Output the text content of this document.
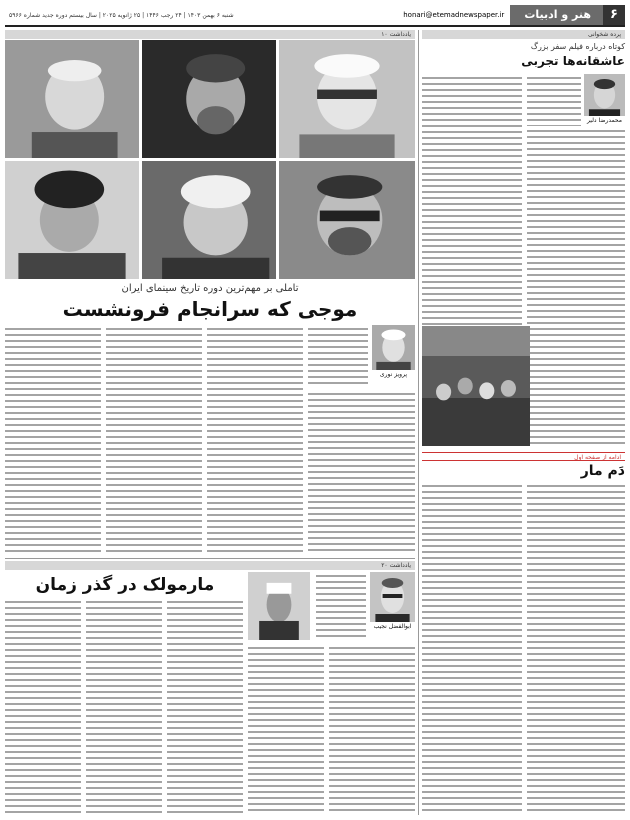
شنبه ۶ بهمن ۱۴۰۳ | ۲۴ رجب ۱۴۴۶ | ۲۵ ژانویه ۲۰۲۵ | سال بیستم دوره جدید شماره ۵۹۶۶	honari@etemadnewspaper.ir	هنر و ادبیات	۶
یادداشت ۱۰	پرده شخوانی
تاملی بر مهم‌ترین دوره تاریخ سینمای ایران
موجی که سرانجام فرونشست
پرویز نوری
کوتاه درباره فیلم سفر بزرگ
عاشقانه‌ها تجربی
محمدرضا دلیر
ادامه از صفحه اول
دَم مار
یادداشت ۲۰
مارمولک در گذر زمان
ابوالفضل نجیب
